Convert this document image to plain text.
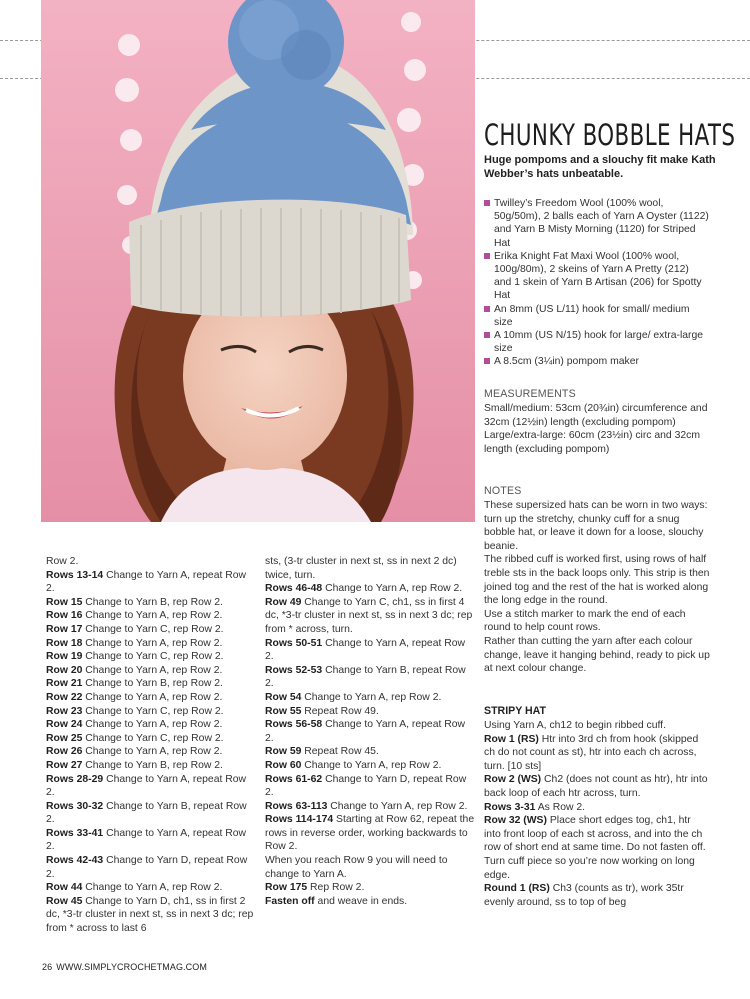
CHUNKY BOBBLE HATS
Huge pompoms and a slouchy fit make Kath Webber’s hats unbeatable.
Twilley’s Freedom Wool (100% wool, 50g/50m), 2 balls each of Yarn A Oyster (1122) and Yarn B Misty Morning (1120) for Striped Hat
Erika Knight Fat Maxi Wool (100% wool, 100g/80m), 2 skeins of Yarn A Pretty (212) and 1 skein of Yarn B Artisan (206) for Spotty Hat
An 8mm (US L/11) hook for small/ medium size
A 10mm (US N/15) hook for large/ extra-large size
A 8.5cm (3¼in) pompom maker
MEASUREMENTS

Small/medium: 53cm (20¾in) circumference and 32cm (12½in) length (excluding pompom)

Large/extra-large: 60cm (23½in) circ and 32cm length (excluding pompom)

NOTES

These supersized hats can be worn in two ways: turn up the stretchy, chunky cuff for a snug bobble hat, or leave it down for a loose, slouchy beanie.

The ribbed cuff is worked first, using rows of half treble sts in the back loops only. This strip is then joined tog and the rest of the hat is worked along the long edge in the round.

Use a stitch marker to mark the end of each round to help count rows.

Rather than cutting the yarn after each colour change, leave it hanging behind, ready to pick up at next colour change.

STRIPY HAT

Using Yarn A, ch12 to begin ribbed cuff.

Row 1 (RS) Htr into 3rd ch from hook (skipped ch do not count as st), htr into each ch across, turn. [10 sts]

Row 2 (WS) Ch2 (does not count as htr), htr into back loop of each htr across, turn.

Rows 3-31 As Row 2.

Row 32 (WS) Place short edges tog, ch1, htr into front loop of each st across, and into the ch row of short end at same time. Do not fasten off.

Turn cuff piece so you’re now working on long edge.

Round 1 (RS) Ch3 (counts as tr), work 35tr evenly around, ss to top of beg

Row 2.

Rows 13-14 Change to Yarn A, repeat Row 2.

Row 15 Change to Yarn B, rep Row 2.

Row 16 Change to Yarn A, rep Row 2.

Row 17 Change to Yarn C, rep Row 2.

Row 18 Change to Yarn A, rep Row 2.

Row 19 Change to Yarn C, rep Row 2.

Row 20 Change to Yarn A, rep Row 2.

Row 21 Change to Yarn B, rep Row 2.

Row 22 Change to Yarn A, rep Row 2.

Row 23 Change to Yarn C, rep Row 2.

Row 24 Change to Yarn A, rep Row 2.

Row 25 Change to Yarn C, rep Row 2.

Row 26 Change to Yarn A, rep Row 2.

Row 27 Change to Yarn B, rep Row 2.

Rows 28-29 Change to Yarn A, repeat Row 2.

Rows 30-32 Change to Yarn B, repeat Row 2.

Rows 33-41 Change to Yarn A, repeat Row 2.

Rows 42-43 Change to Yarn D, repeat Row 2.

Row 44 Change to Yarn A, rep Row 2.

Row 45 Change to Yarn D, ch1, ss in first 2 dc, *3-tr cluster in next st, ss in next 3 dc; rep from * across to last 6

sts, (3-tr cluster in next st, ss in next 2 dc) twice, turn.

Rows 46-48 Change to Yarn A, rep Row 2.

Row 49 Change to Yarn C, ch1, ss in first 4 dc, *3-tr cluster in next st, ss in next 3 dc; rep from * across, turn.

Rows 50-51 Change to Yarn A, repeat Row 2.

Rows 52-53 Change to Yarn B, repeat Row 2.

Row 54 Change to Yarn A, rep Row 2.

Row 55 Repeat Row 49.

Rows 56-58 Change to Yarn A, repeat Row 2.

Row 59 Repeat Row 45.

Row 60 Change to Yarn A, rep Row 2.

Rows 61-62 Change to Yarn D, repeat Row 2.

Rows 63-113 Change to Yarn A, rep Row 2.

Rows 114-174 Starting at Row 62, repeat the rows in reverse order, working backwards to Row 2.

When you reach Row 9 you will need to change to Yarn A.

Row 175 Rep Row 2.

Fasten off and weave in ends.

26 WWW.SIMPLYCROCHETMAG.COM
